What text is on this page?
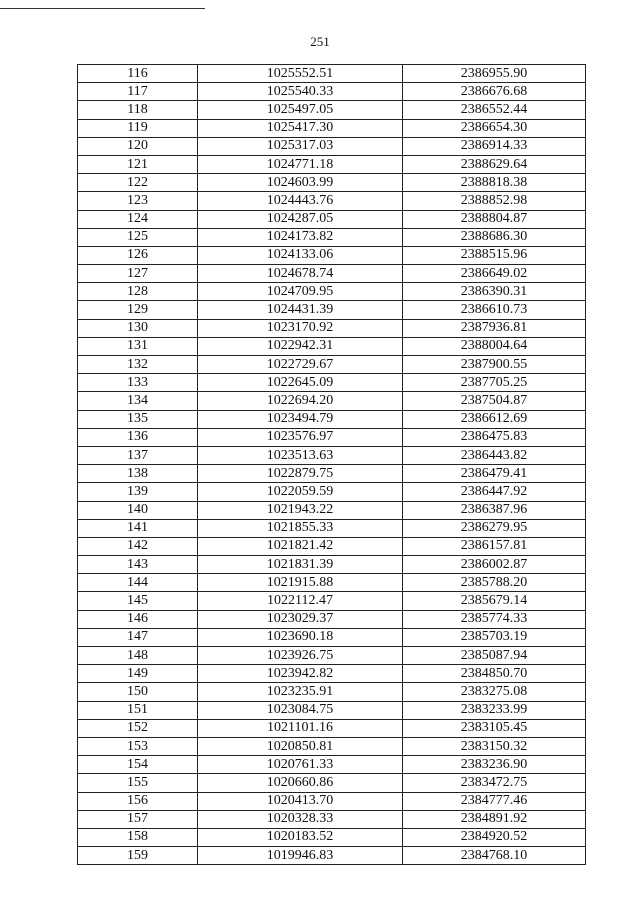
251
116	1025552.51	2386955.90
117	1025540.33	2386676.68
118	1025497.05	2386552.44
119	1025417.30	2386654.30
120	1025317.03	2386914.33
121	1024771.18	2388629.64
122	1024603.99	2388818.38
123	1024443.76	2388852.98
124	1024287.05	2388804.87
125	1024173.82	2388686.30
126	1024133.06	2388515.96
127	1024678.74	2386649.02
128	1024709.95	2386390.31
129	1024431.39	2386610.73
130	1023170.92	2387936.81
131	1022942.31	2388004.64
132	1022729.67	2387900.55
133	1022645.09	2387705.25
134	1022694.20	2387504.87
135	1023494.79	2386612.69
136	1023576.97	2386475.83
137	1023513.63	2386443.82
138	1022879.75	2386479.41
139	1022059.59	2386447.92
140	1021943.22	2386387.96
141	1021855.33	2386279.95
142	1021821.42	2386157.81
143	1021831.39	2386002.87
144	1021915.88	2385788.20
145	1022112.47	2385679.14
146	1023029.37	2385774.33
147	1023690.18	2385703.19
148	1023926.75	2385087.94
149	1023942.82	2384850.70
150	1023235.91	2383275.08
151	1023084.75	2383233.99
152	1021101.16	2383105.45
153	1020850.81	2383150.32
154	1020761.33	2383236.90
155	1020660.86	2383472.75
156	1020413.70	2384777.46
157	1020328.33	2384891.92
158	1020183.52	2384920.52
159	1019946.83	2384768.10
